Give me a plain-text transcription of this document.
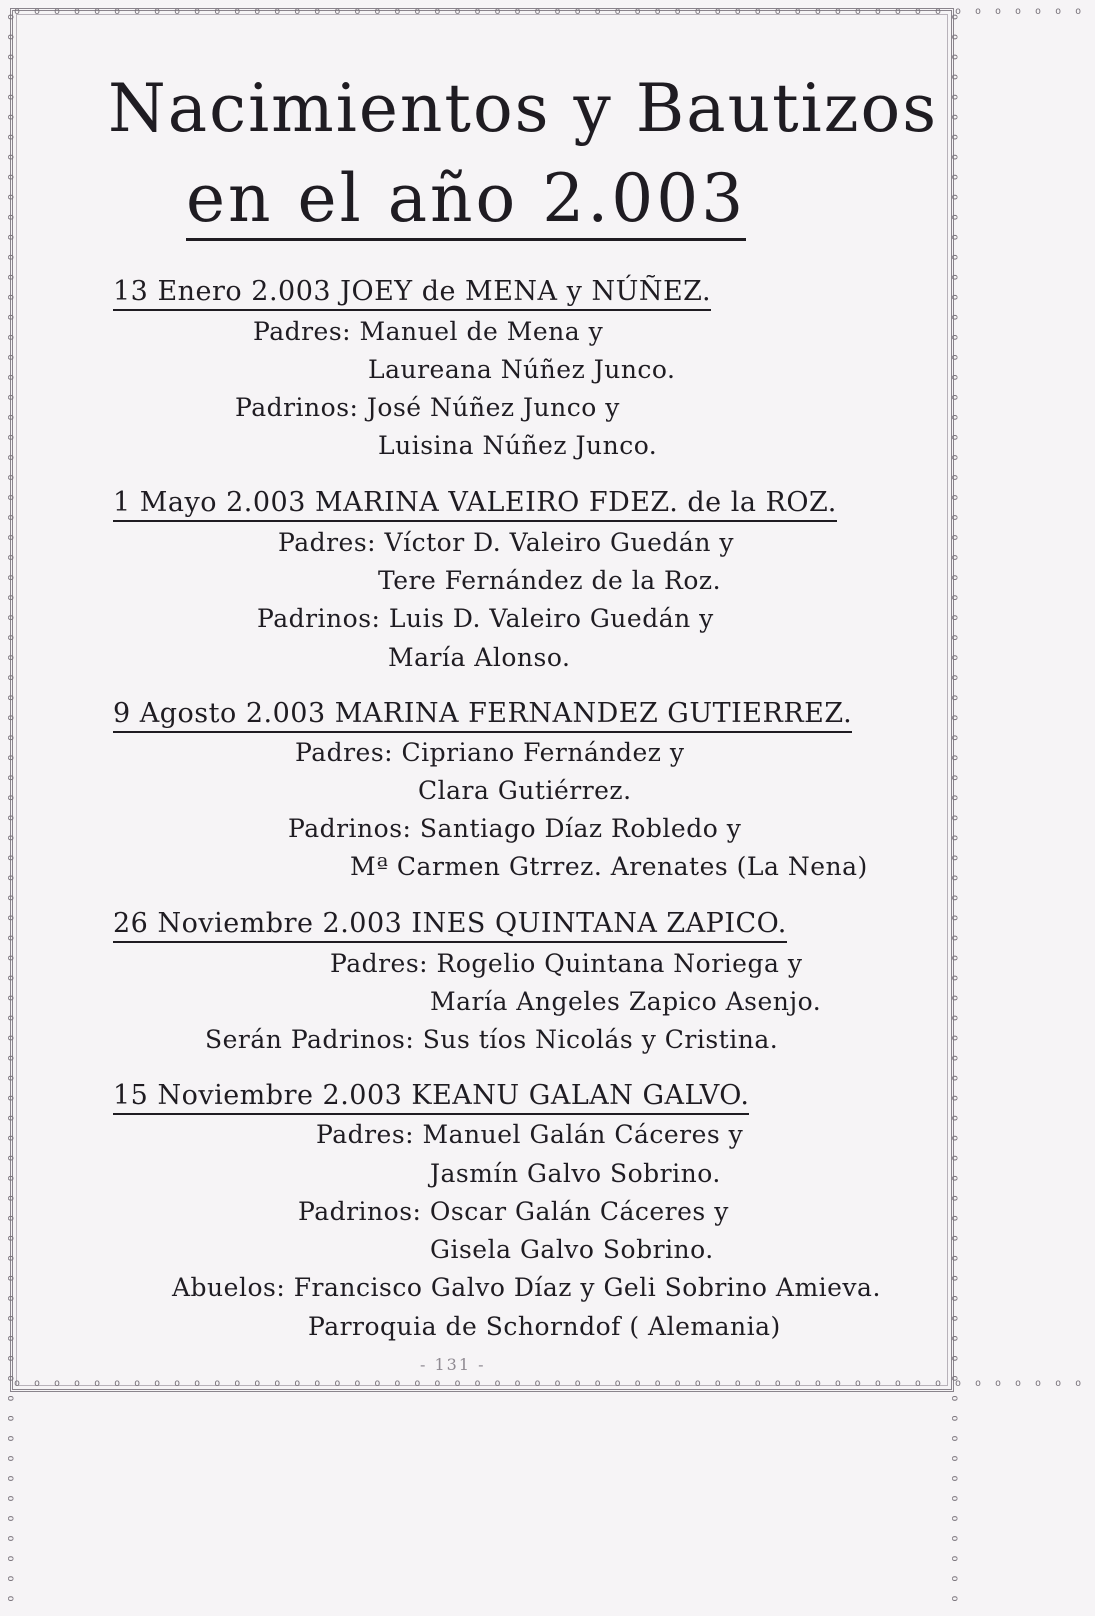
oooooooooooooooooooooooooooooooooooooooooooooooooooooo
oooooooooooooooooooooooooooooooooooooooooooooooooooooo
oooooooooooooooooooooooooooooooooooooooooooooooooooooooooooooooooooooooooooooooo	oooooooooooooooooooooooooooooooooooooooooooooooooooooooooooooooooooooooooooooooo
Nacimientos y Bautizos
en el año 2.003
13 Enero 2.003 JOEY de MENA y NÚÑEZ.
Padres: Manuel de Mena y
Laureana Núñez Junco.
Padrinos: José Núñez Junco y
Luisina Núñez Junco.
1 Mayo 2.003 MARINA VALEIRO FDEZ. de la ROZ.
Padres: Víctor D. Valeiro Guedán y
Tere Fernández de la Roz.
Padrinos: Luis D. Valeiro Guedán y
María Alonso.
9 Agosto 2.003 MARINA FERNANDEZ GUTIERREZ.
Padres: Cipriano Fernández y
Clara Gutiérrez.
Padrinos: Santiago Díaz Robledo y
Mª Carmen Gtrrez. Arenates (La Nena)
26 Noviembre 2.003 INES QUINTANA ZAPICO.
Padres: Rogelio Quintana Noriega y
María Angeles Zapico Asenjo.
Serán Padrinos: Sus tíos Nicolás y Cristina.
15 Noviembre 2.003 KEANU GALAN GALVO.
Padres: Manuel Galán Cáceres y
Jasmín Galvo Sobrino.
Padrinos: Oscar Galán Cáceres y
Gisela Galvo Sobrino.
Abuelos: Francisco Galvo Díaz y Geli Sobrino Amieva.
Parroquia de Schorndof ( Alemania)
- 131 -
